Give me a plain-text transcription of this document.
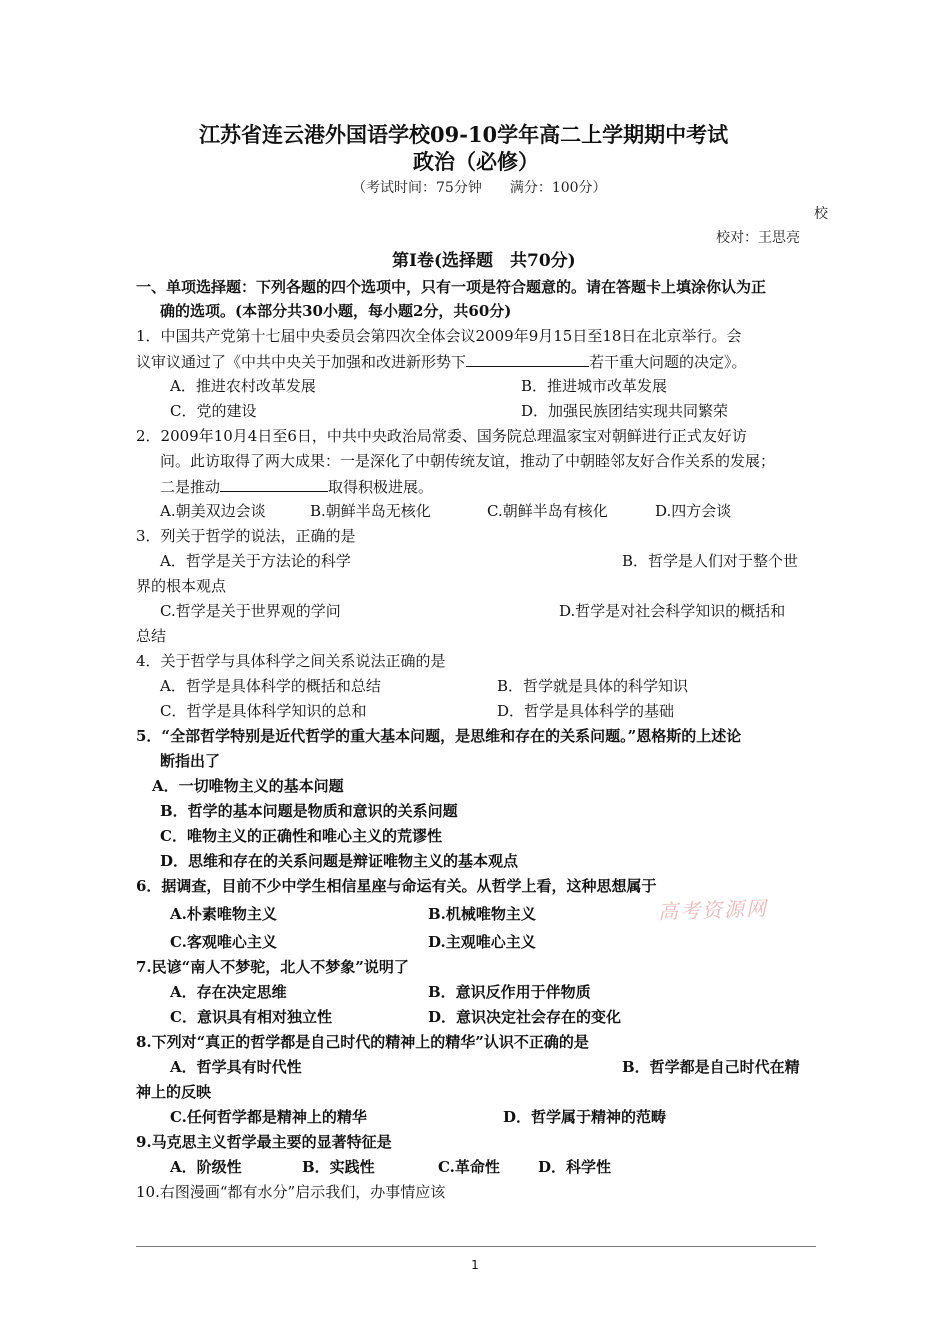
江苏省连云港外国语学校09-10学年高二上学期期中考试
政治（必修）
（考试时间：75分钟　　满分：100分）
校
校对：王思亮
第Ⅰ卷(选择题　共70分)
一、单项选择题：下列各题的四个选项中，只有一项是符合题意的。请在答题卡上填涂你认为正
确的选项。(本部分共30小题，每小题2分，共60分)
1．中国共产党第十七届中央委员会第四次全体会议2009年9月15日至18日在北京举行。会
议审议通过了《中共中央关于加强和改进新形势下	若干重大问题的决定》。
A．推进农村改革发展	B．推进城市改革发展
C．党的建设	D．加强民族团结实现共同繁荣
2．2009年10月4日至6日，中共中央政治局常委、国务院总理温家宝对朝鲜进行正式友好访
问。此访取得了两大成果：一是深化了中朝传统友谊，推动了中朝睦邻友好合作关系的发展；
二是推动	取得积极进展。
A.朝美双边会谈	B.朝鲜半岛无核化	C.朝鲜半岛有核化	D.四方会谈
3．列关于哲学的说法，正确的是
A．哲学是关于方法论的科学	B．哲学是人们对于整个世
界的根本观点
C.哲学是关于世界观的学问	D.哲学是对社会科学知识的概括和
总结
4．关于哲学与具体科学之间关系说法正确的是
A．哲学是具体科学的概括和总结	B．哲学就是具体的科学知识
C．哲学是具体科学知识的总和	D．哲学是具体科学的基础
5．“全部哲学特别是近代哲学的重大基本问题，是思维和存在的关系问题。”恩格斯的上述论
断指出了
A．一切唯物主义的基本问题
B．哲学的基本问题是物质和意识的关系问题
C．唯物主义的正确性和唯心主义的荒谬性
D．思维和存在的关系问题是辩证唯物主义的基本观点
6．据调查，目前不少中学生相信星座与命运有关。从哲学上看，这种思想属于
A.朴素唯物主义	B.机械唯物主义
C.客观唯心主义	D.主观唯心主义
高考资源网
7.民谚“南人不梦驼，北人不梦象”说明了
A．存在决定思维	B．意识反作用于伴物质
C．意识具有相对独立性	D．意识决定社会存在的变化
8.下列对“真正的哲学都是自己时代的精神上的精华”认识不正确的是
A．哲学具有时代性	B．哲学都是自己时代在精
神上的反映
C.任何哲学都是精神上的精华	D．哲学属于精神的范畴
9.马克思主义哲学最主要的显著特征是
A．阶级性	B．实践性	C.革命性	D．科学性
10.右图漫画“都有水分”启示我们，办事情应该
1
